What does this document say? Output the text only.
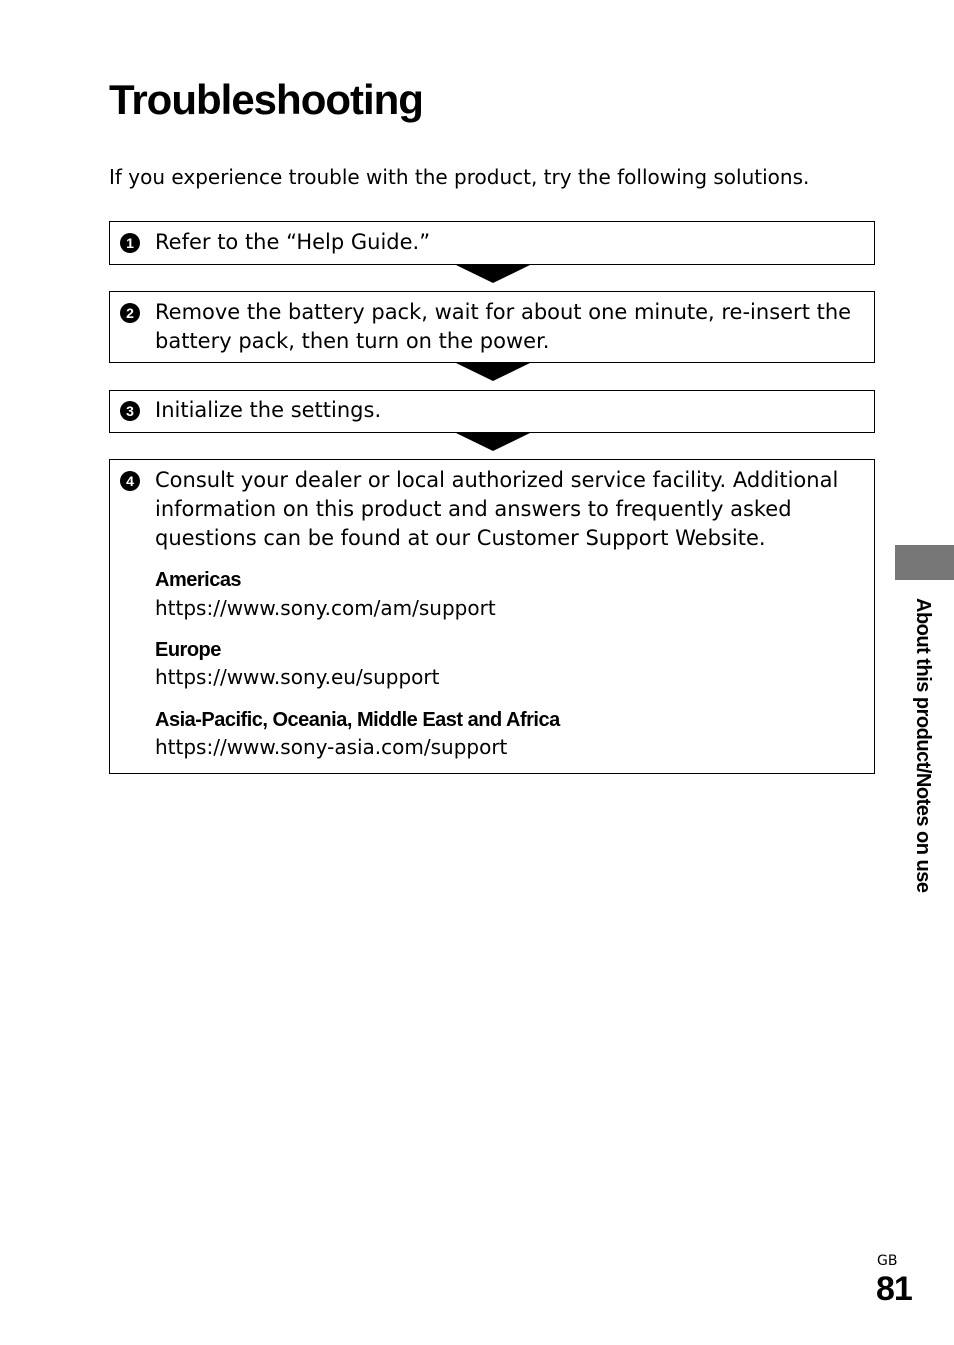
Troubleshooting

If you experience trouble with the product, try the following solutions.

1 Refer to the “Help Guide.”

2 Remove the battery pack, wait for about one minute, re-insert the battery pack, then turn on the power.

3 Initialize the settings.

4 Consult your dealer or local authorized service facility. Additional information on this product and answers to frequently asked questions can be found at our Customer Support Website.

Americas
https://www.sony.com/am/support
Europe
https://www.sony.eu/support
Asia-Pacific, Oceania, Middle East and Africa
https://www.sony-asia.com/support	About this product/Notes on use
GB
81
